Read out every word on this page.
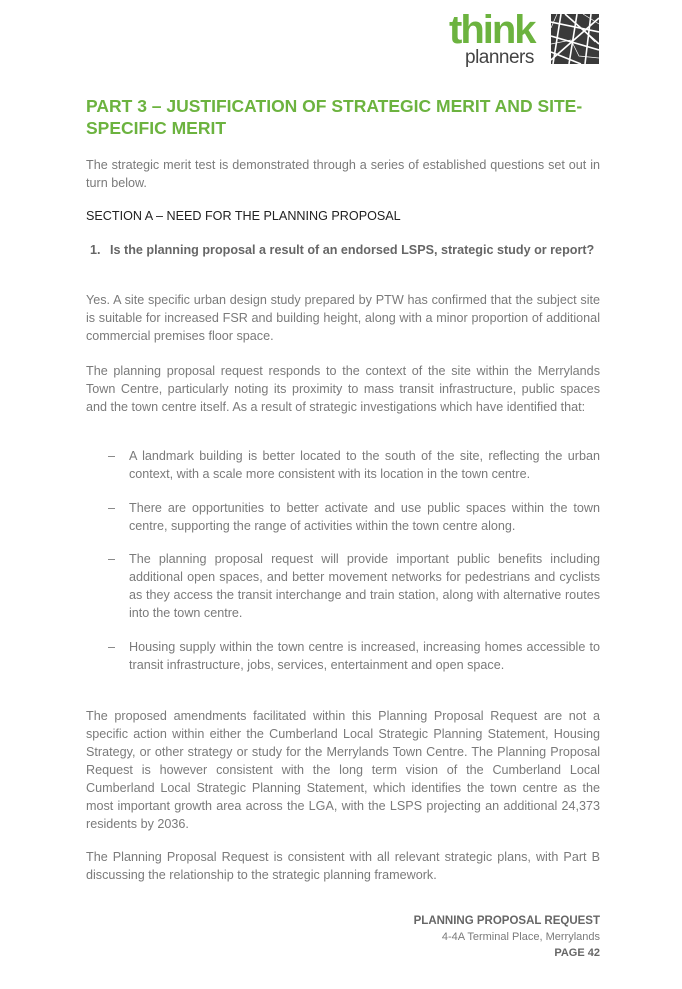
think
planners
PART 3 – JUSTIFICATION OF STRATEGIC MERIT AND SITE-SPECIFIC MERIT

The strategic merit test is demonstrated through a series of established questions set out in turn below.

SECTION A – NEED FOR THE PLANNING PROPOSAL

1. Is the planning proposal a result of an endorsed LSPS, strategic study or report?

Yes. A site specific urban design study prepared by PTW has confirmed that the subject site is suitable for increased FSR and building height, along with a minor proportion of additional commercial premises floor space.

The planning proposal request responds to the context of the site within the Merrylands Town Centre, particularly noting its proximity to mass transit infrastructure, public spaces and the town centre itself. As a result of strategic investigations which have identified that:

– A landmark building is better located to the south of the site, reflecting the urban context, with a scale more consistent with its location in the town centre.
– There are opportunities to better activate and use public spaces within the town centre, supporting the range of activities within the town centre along.
– The planning proposal request will provide important public benefits including additional open spaces, and better movement networks for pedestrians and cyclists as they access the transit interchange and train station, along with alternative routes into the town centre.
– Housing supply within the town centre is increased, increasing homes accessible to transit infrastructure, jobs, services, entertainment and open space.

The proposed amendments facilitated within this Planning Proposal Request are not a specific action within either the Cumberland Local Strategic Planning Statement, Housing Strategy, or other strategy or study for the Merrylands Town Centre. The Planning Proposal Request is however consistent with the long term vision of the Cumberland Local Cumberland Local Strategic Planning Statement, which identifies the town centre as the most important growth area across the LGA, with the LSPS projecting an additional 24,373 residents by 2036.

The Planning Proposal Request is consistent with all relevant strategic plans, with Part B discussing the relationship to the strategic planning framework.

PLANNING PROPOSAL REQUEST
4-4A Terminal Place, Merrylands
PAGE 42
